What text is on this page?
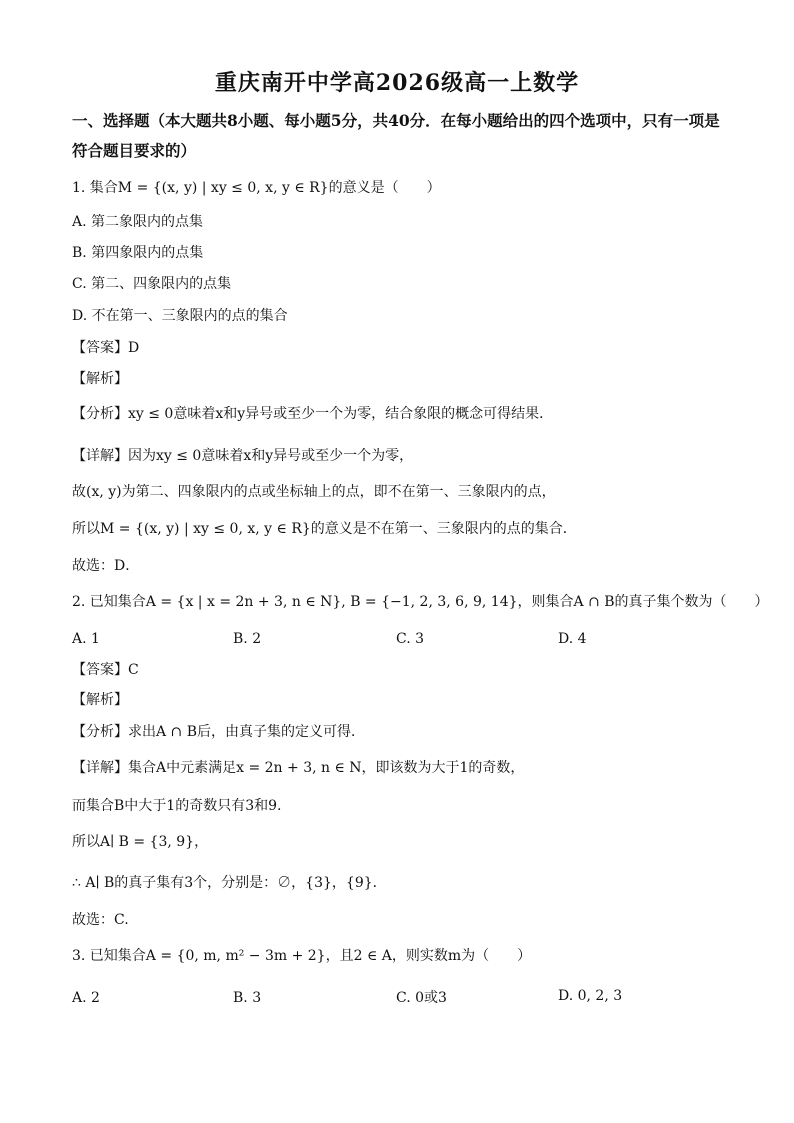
重庆南开中学高2026级高一上数学
一、选择题（本大题共8小题、每小题5分，共40分．在每小题给出的四个选项中，只有一项是符合题目要求的）
1. 集合M = {(x, y) | xy ≤ 0, x, y ∈ R}的意义是（　　）
A. 第二象限内的点集
B. 第四象限内的点集
C. 第二、四象限内的点集
D. 不在第一、三象限内的点的集合
【答案】D
【解析】
【分析】xy ≤ 0意味着x和y异号或至少一个为零，结合象限的概念可得结果．
【详解】因为xy ≤ 0意味着x和y异号或至少一个为零，
故(x, y)为第二、四象限内的点或坐标轴上的点，即不在第一、三象限内的点，
所以M = {(x, y) | xy ≤ 0, x, y ∈ R}的意义是不在第一、三象限内的点的集合．
故选：D．
2. 已知集合A = {x | x = 2n + 3, n ∈ N}, B = {−1, 2, 3, 6, 9, 14}，则集合A ∩ B的真子集个数为（　　）
A. 1	B. 2	C. 3	D. 4
【答案】C
【解析】
【分析】求出A ∩ B后，由真子集的定义可得．
【详解】集合A中元素满足x = 2n + 3, n ∈ N，即该数为大于1的奇数，
而集合B中大于1的奇数只有3和9.
所以A∣ B = {3, 9}，
∴ A∣ B的真子集有3个，分别是：∅，{3}，{9}．
故选：C.
3. 已知集合A = {0, m, m² − 3m + 2}，且2 ∈ A，则实数m为（　　）
A. 2	B. 3	C. 0或3	D. 0, 2, 3
